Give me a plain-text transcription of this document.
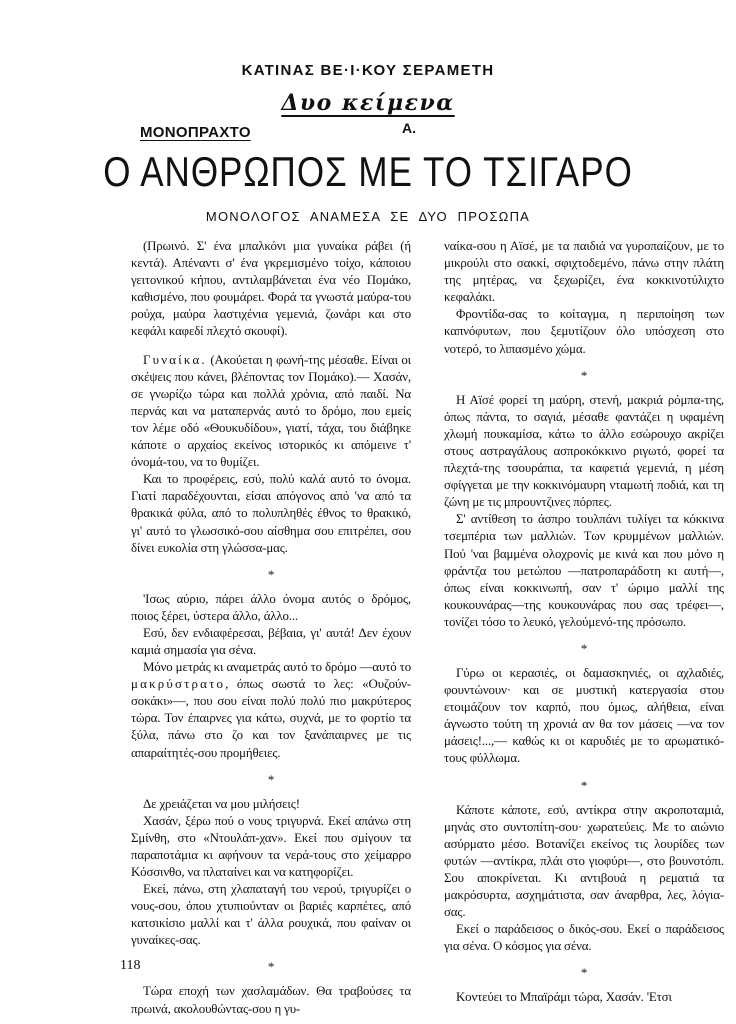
ΚΑΤΙΝΑΣ ΒΕ·Ι·ΚΟΥ ΣΕΡΑΜΕΤΗ
Δυο κείμενα
ΜΟΝΟΠΡΑΧΤΟ	Α.
Ο ΑΝΘΡΩΠΟΣ ΜΕ ΤΟ ΤΣΙΓΑΡΟ
ΜΟΝΟΛΟΓΟΣ ΑΝΑΜΕΣΑ ΣΕ ΔΥΟ ΠΡΟΣΩΠΑ

(Πρωινό. Σ' ένα μπαλκόνι μια γυναίκα ράβει (ή κεντά). Απέναντι σ' ένα γκρεμισμένο τοίχο, κάποιου γειτονικού κήπου, αντιλαμβάνεται ένα νέο Πομάκο, καθισμένο, που φουμάρει. Φορά τα γνωστά μαύρα-του ρούχα, μαύρα λαστιχένια γεμενιά, ζωνάρι και στο κεφάλι καφεδί πλεχτό σκουφί).

Γυναίκα. (Ακούεται η φωνή-της μέσαθε. Είναι οι σκέψεις που κάνει, βλέποντας τον Πομάκο).— Χασάν, σε γνωρίζω τώρα και πολλά χρόνια, από παιδί. Να περνάς και να ματαπερνάς αυτό το δρόμο, που εμείς τον λέμε οδό «Θουκυδίδου», γιατί, τάχα, του διάβηκε κάποτε ο αρχαίος εκείνος ιστορικός κι απόμεινε τ' όνομά-του, να το θυμίζει.

Και το προφέρεις, εσύ, πολύ καλά αυτό το όνομα. Γιατί παραδέχουνται, είσαι απόγονος από 'να από τα θρακικά φύλα, από το πολυπληθές έθνος το θρακικό, γι' αυτό το γλωσσικό-σου αίσθημα σου επιτρέπει, σου δίνει ευκολία στη γλώσσα-μας.

*

'Ισως αύριο, πάρει άλλο όνομα αυτός ο δρόμος, ποιος ξέρει, ύστερα άλλο, άλλο...

Εσύ, δεν ενδιαφέρεσαι, βέβαια, γι' αυτά! Δεν έχουν καμιά σημασία για σένα.

Μόνο μετράς κι αναμετράς αυτό το δρόμο —αυτό το μακρύστρατο, όπως σωστά το λες: «Ουζούν-σοκάκι»—, που σου είναι πολύ πολύ πιο μακρύτερος τώρα. Τον έπαιρνες για κάτω, συχνά, με το φορτίο τα ξύλα, πάνω στο ζο και τον ξανάπαιρνες με τις απαραίτητές-σου προμήθειες.

*

Δε χρειάζεται να μου μιλήσεις!

Χασάν, ξέρω πού ο νους τριγυρνά. Εκεί απάνω στη Σμίνθη, στο «Ντουλάπ-χαν». Εκεί που σμίγουν τα παραποτάμια κι αφήνουν τα νερά-τους στο χείμαρρο Κόσσινθο, να πλαταίνει και να κατηφορίζει.

Εκεί, πάνω, στη χλαπαταγή του νερού, τριγυρίζει ο νους-σου, όπου χτυπιούνταν οι βαριές καρπέτες, από κατσικίσιο μαλλί και τ' άλλα ρουχικά, που φαίναν οι γυναίκες-σας.

*

Τώρα εποχή των χασλαμάδων. Θα τραβούσες τα πρωινά, ακολουθώντας-σου η γυ-

ναίκα-σου η Αϊσέ, με τα παιδιά να γυροπαίζουν, με το μικρούλι στο σακκί, σφιχτοδεμένο, πάνω στην πλάτη της μητέρας, να ξεχωρίζει, ένα κοκκινοτύλιχτο κεφαλάκι.

Φροντίδα-σας το κοίταγμα, η περιποίηση των καπνόφυτων, που ξεμυτίζουν όλο υπόσχεση στο νοτερό, το λιπασμένο χώμα.

*

Η Αϊσέ φορεί τη μαύρη, στενή, μακριά ρόμπα-της, όπως πάντα, το σαγιά, μέσαθε φαντάζει η υφαμένη χλωμή πουκαμίσα, κάτω το άλλο εσώρουχο ακρίζει στους αστραγάλους ασπροκόκκινο ριγωτό, φορεί τα πλεχτά-της τσουράπια, τα καφετιά γεμενιά, η μέση σφίγγεται με την κοκκινόμαυρη νταμωτή ποδιά, και τη ζώνη με τις μπρουντζινες πόρπες.

Σ' αντίθεση το άσπρο τουλπάνι τυλίγει τα κόκκινα τσεμπέρια των μαλλιών. Των κρυμμένων μαλλιών. Πού 'ναι βαμμένα ολοχρονίς με κινά και που μόνο η φράντζα του μετώπου —πατροπαράδοτη κι αυτή—, όπως είναι κοκκινωπή, σαν τ' ώριμο μαλλί της κουκουνάρας—της κουκουνάρας που σας τρέφει—, τονίζει τόσο το λευκό, γελούμενό-της πρόσωπο.

*

Γύρω οι κερασιές, οι δαμασκηνιές, οι αχλαδιές, φουντώνουν· και σε μυστική κατεργασία στου ετοιμάζουν τον καρπό, που όμως, αλήθεια, είναι άγνωστο τούτη τη χρονιά αν θα τον μάσεις —να τον μάσεις!...,— καθώς κι οι καρυδιές με το αρωματικό-τους φύλλωμα.

*

Κάποτε κάποτε, εσύ, αντίκρα στην ακροποταμιά, μηνάς στο συντοπίτη-σου· χωρατεύεις. Με το αιώνιο ασύρματο μέσο. Βοτανίζει εκείνος τις λουρίδες των φυτών —αντίκρα, πλάι στο γιοφύρι—, στο βουνοτόπι. Σου αποκρίνεται. Κι αντιβουά η ρεματιά τα μακρόσυρτα, ασχημάτιστα, σαν άναρθρα, λες, λόγια-σας.

Εκεί ο παράδεισος ο δικός-σου. Εκεί ο παράδεισος για σένα. Ο κόσμος για σένα.

*

Κοντεύει το Μπαϊράμι τώρα, Χασάν. 'Ετσι

118
